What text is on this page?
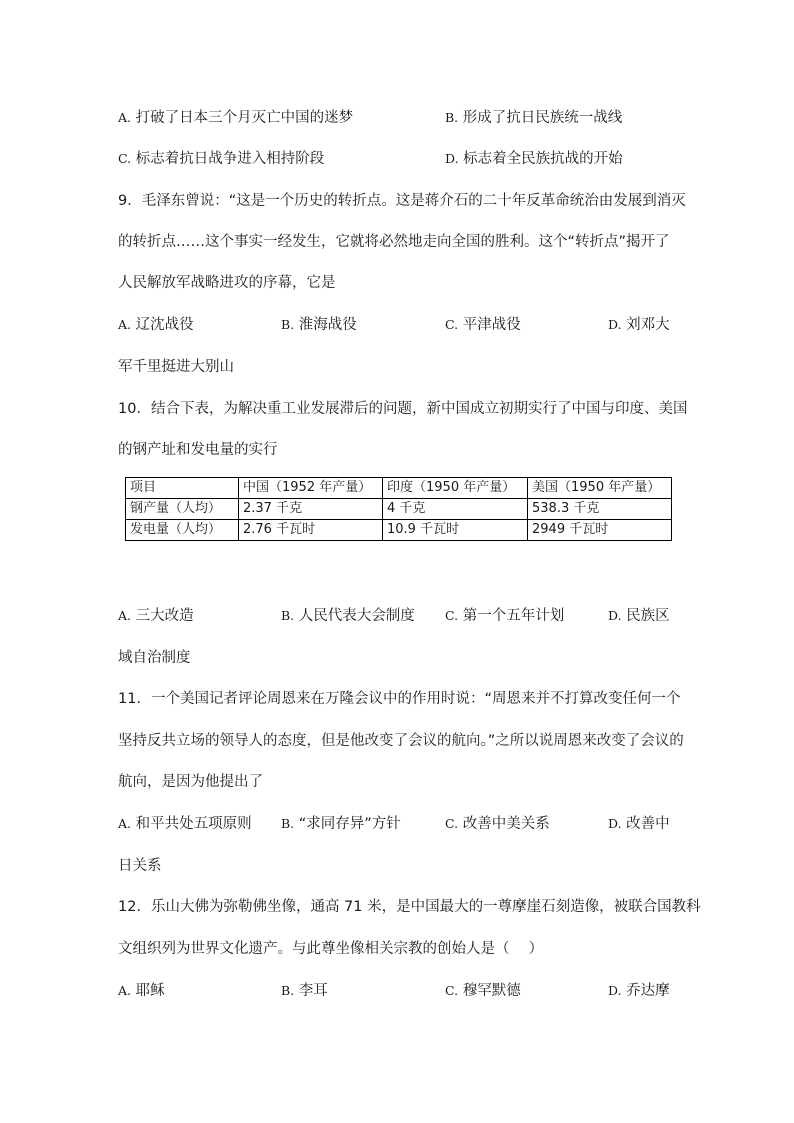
A. 打破了日本三个月灭亡中国的迷梦	B. 形成了抗日民族统一战线
C. 标志着抗日战争进入相持阶段	D. 标志着全民族抗战的开始
9．毛泽东曾说：“这是一个历史的转折点。这是蒋介石的二十年反革命统治由发展到消灭
的转折点……这个事实一经发生，它就将必然地走向全国的胜利。这个“转折点”揭开了
人民解放军战略进攻的序幕，它是
A. 辽沈战役	B. 淮海战役	C. 平津战役	D. 刘邓大
军千里挺进大别山
10．结合下表，为解决重工业发展滞后的问题，新中国成立初期实行了中国与印度、美国
的钢产址和发电量的实行
项目	中国（1952 年产量）	印度（1950 年产量）	美国（1950 年产量）
钢产量（人均）	2.37 千克	4 千克	538.3 千克
发电量（人均）	2.76 千瓦时	10.9 千瓦时	2949 千瓦时
A. 三大改造	B. 人民代表大会制度 C. 第一个五年计划	D. 民族区
域自治制度
11．一个美国记者评论周恩来在万隆会议中的作用时说：“周恩来并不打算改变任何一个
坚持反共立场的领导人的态度，但是他改变了会议的航向。”之所以说周恩来改变了会议的
航向，是因为他提出了
A. 和平共处五项原则 B. “求同存异”方针	C. 改善中美关系	D. 改善中
日关系
12．乐山大佛为弥勒佛坐像，通高 71 米，是中国最大的一尊摩崖石刻造像，被联合国教科
文组织列为世界文化遗产。与此尊坐像相关宗教的创始人是（　 ）
A. 耶稣	B. 李耳	C. 穆罕默德	D. 乔达摩
